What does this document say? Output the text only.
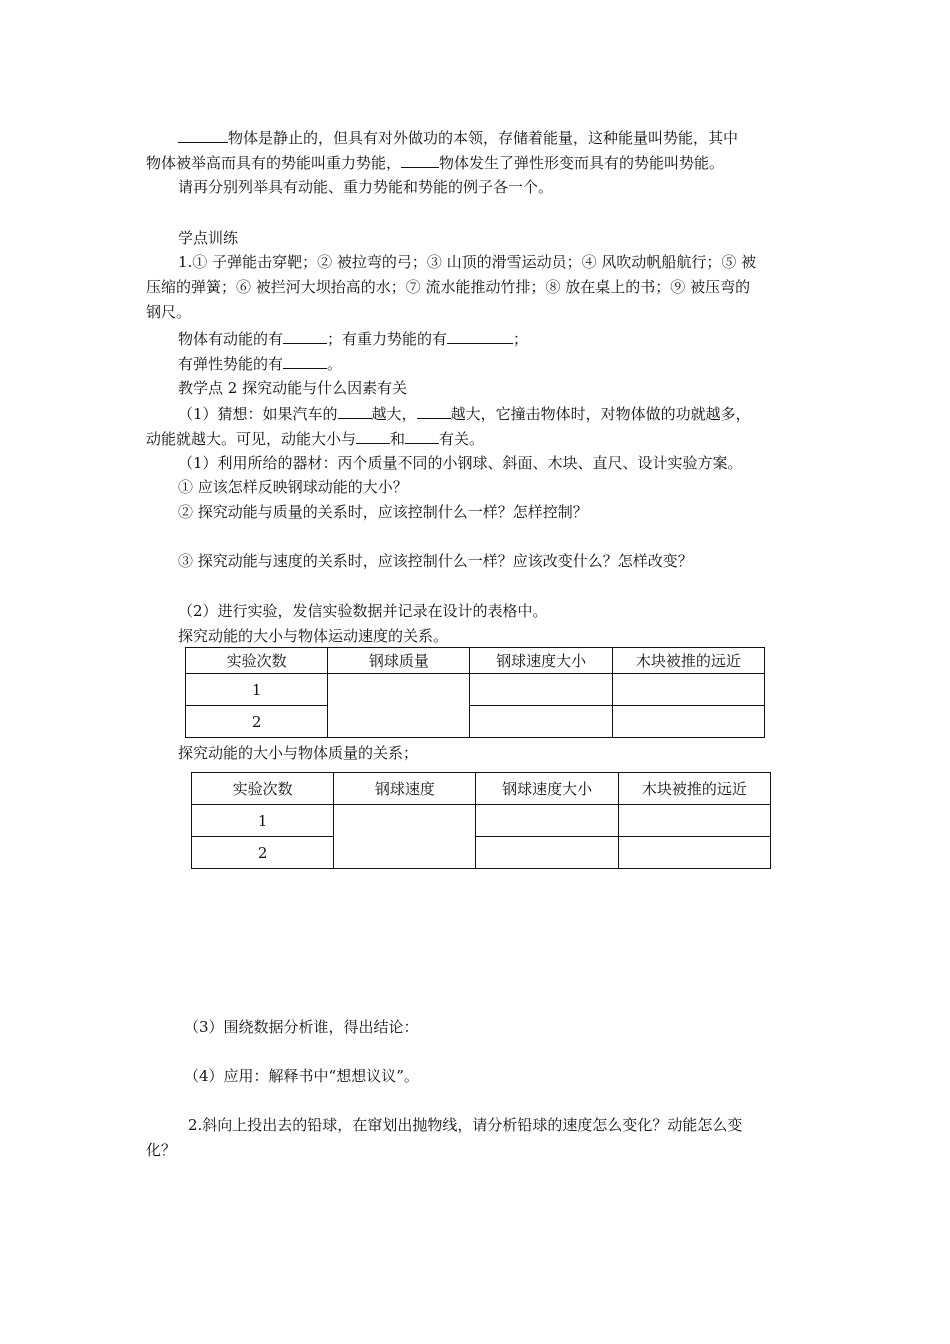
物体是静止的，但具有对外做功的本领，存储着能量，这种能量叫势能，其中
物体被举高而具有的势能叫重力势能，	物体发生了弹性形变而具有的势能叫势能。
请再分别列举具有动能、重力势能和势能的例子各一个。
学点训练
1.① 子弹能击穿靶；② 被拉弯的弓；③ 山顶的滑雪运动员；④ 风吹动帆船航行；⑤ 被
压缩的弹簧；⑥ 被拦河大坝抬高的水；⑦ 流水能推动竹排；⑧ 放在桌上的书；⑨ 被压弯的
钢尺。
物体有动能的有	；有重力势能的有	；
有弹性势能的有	。
教学点 2 探究动能与什么因素有关
（1）猜想：如果汽车的 越大， 越大，它撞击物体时，对物体做的功就越多，
动能就越大。可见，动能大小与 和 有关。
（1）利用所给的器材：丙个质量不同的小钢球、斜面、木块、直尺、设计实验方案。
① 应该怎样反映钢球动能的大小？
② 探究动能与质量的关系时，应该控制什么一样？怎样控制？
③ 探究动能与速度的关系时，应该控制什么一样？应该改变什么？怎样改变？
（2）进行实验，发信实验数据并记录在设计的表格中。
探究动能的大小与物体运动速度的关系。
实验次数	钢球质量	钢球速度大小	木块被推的远近
1			
2			
探究动能的大小与物体质量的关系；
实验次数	钢球速度	钢球速度大小	木块被推的远近
1			
2			
（3）围绕数据分析谁，得出结论：
（4）应用：解释书中“想想议议”。
2.斜向上投出去的铅球，在窜划出抛物线，请分析铅球的速度怎么变化？动能怎么变
化？
